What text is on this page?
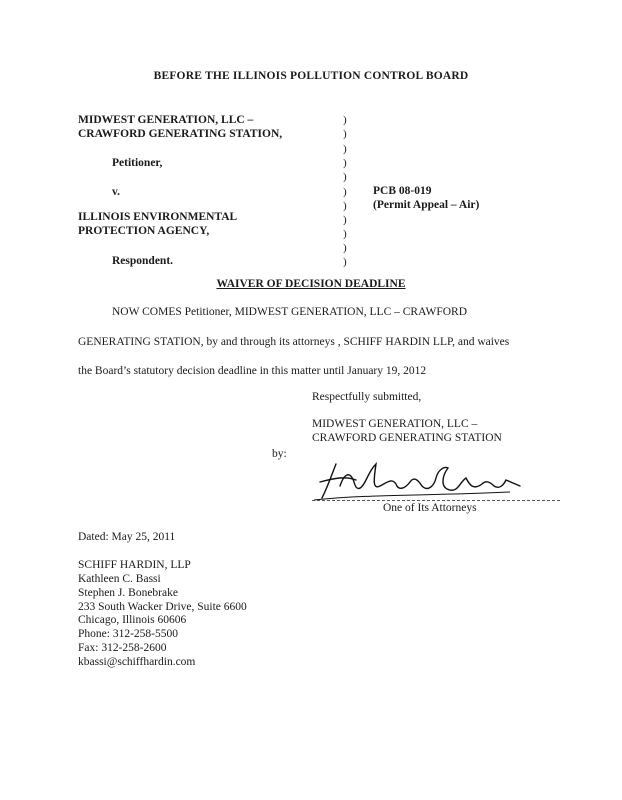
BEFORE THE ILLINOIS POLLUTION CONTROL BOARD
MIDWEST GENERATION, LLC –
CRAWFORD GENERATING STATION,
Petitioner,
v.
ILLINOIS ENVIRONMENTAL
PROTECTION AGENCY,
Respondent.
)
)
)
)
)
)
)
)
)
)
)
PCB 08-019
(Permit Appeal – Air)
WAIVER OF DECISION DEADLINE
NOW COMES Petitioner, MIDWEST GENERATION, LLC – CRAWFORD
GENERATING STATION, by and through its attorneys , SCHIFF HARDIN LLP, and waives
the Board’s statutory decision deadline in this matter until January 19, 2012
Respectfully submitted,
MIDWEST GENERATION, LLC –
CRAWFORD GENERATING STATION
by:
One of Its Attorneys
Dated: May 25, 2011
SCHIFF HARDIN, LLP
Kathleen C. Bassi
Stephen J. Bonebrake
233 South Wacker Drive, Suite 6600
Chicago, Illinois 60606
Phone: 312-258-5500
Fax: 312-258-2600
kbassi@schiffhardin.com
